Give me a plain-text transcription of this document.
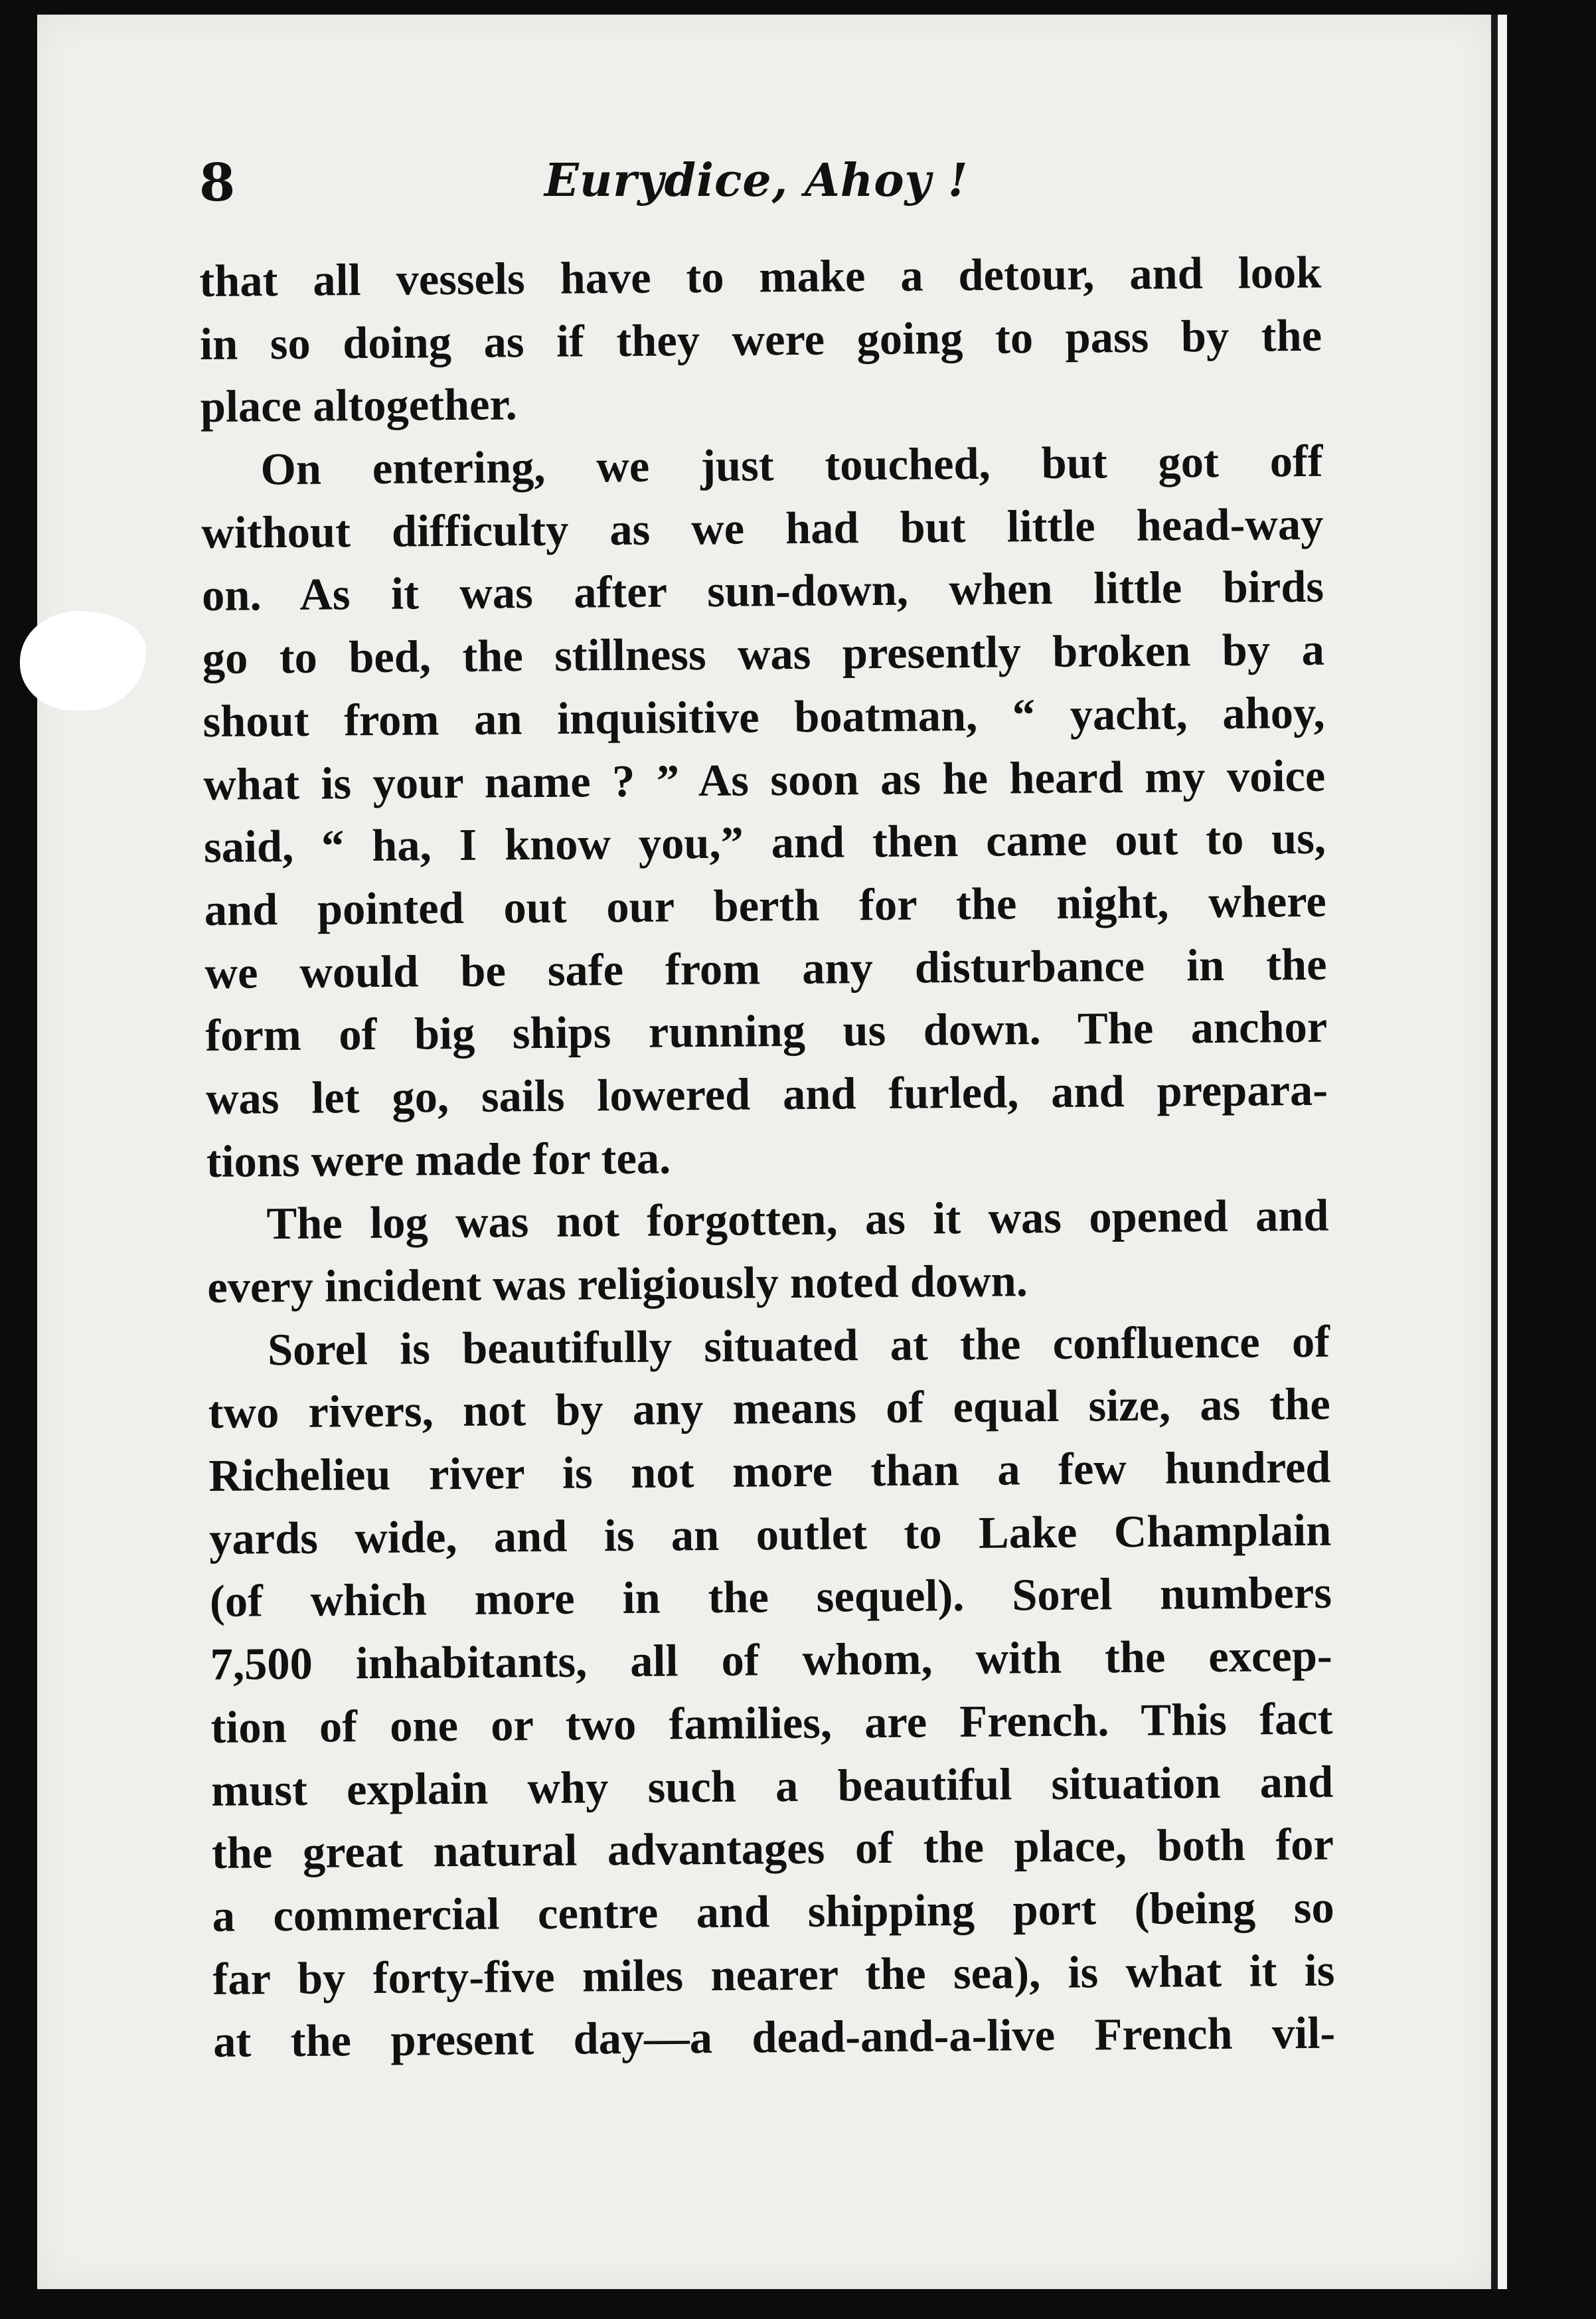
8	Eurydice, Ahoy !
that all vessels have to make a detour, and look
in so doing as if they were going to pass by the
place altogether.
On entering, we just touched, but got off
without difficulty as we had but little head-way
on. As it was after sun-down, when little birds
go to bed, the stillness was presently broken by a
shout from an inquisitive boatman, “ yacht, ahoy,
what is your name ? ” As soon as he heard my voice
said, “ ha, I know you,” and then came out to us,
and pointed out our berth for the night, where
we would be safe from any disturbance in the
form of big ships running us down. The anchor
was let go, sails lowered and furled, and prepara-
tions were made for tea.
The log was not forgotten, as it was opened and
every incident was religiously noted down.
Sorel is beautifully situated at the confluence of
two rivers, not by any means of equal size, as the
Richelieu river is not more than a few hundred
yards wide, and is an outlet to Lake Champlain
(of which more in the sequel). Sorel numbers
7,500 inhabitants, all of whom, with the excep-
tion of one or two families, are French. This fact
must explain why such a beautiful situation and
the great natural advantages of the place, both for
a commercial centre and shipping port (being so
far by forty-five miles nearer the sea), is what it is
at the present day—a dead-and-a-live French vil-
